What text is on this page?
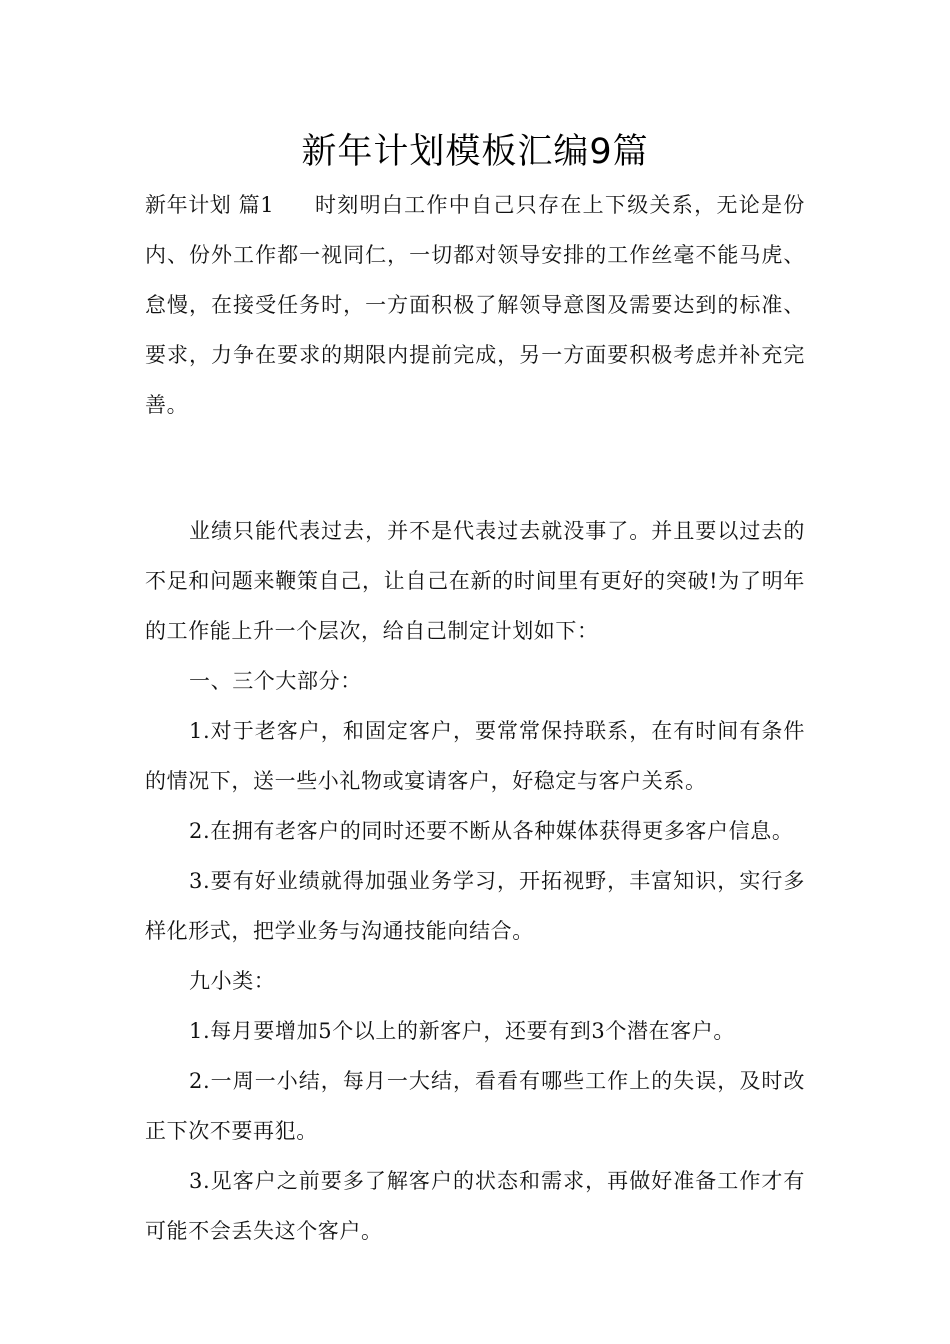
新年计划模板汇编9篇

新年计划 篇1 时刻明白工作中自己只存在上下级关系，无论是份内、份外工作都一视同仁，一切都对领导安排的工作丝毫不能马虎、怠慢，在接受任务时，一方面积极了解领导意图及需要达到的标准、要求，力争在要求的期限内提前完成，另一方面要积极考虑并补充完善。

业绩只能代表过去，并不是代表过去就没事了。并且要以过去的不足和问题来鞭策自己，让自己在新的时间里有更好的突破!为了明年的工作能上升一个层次，给自己制定计划如下：

一、三个大部分：

1.对于老客户，和固定客户，要常常保持联系，在有时间有条件的情况下，送一些小礼物或宴请客户，好稳定与客户关系。

2.在拥有老客户的同时还要不断从各种媒体获得更多客户信息。

3.要有好业绩就得加强业务学习，开拓视野，丰富知识，实行多样化形式，把学业务与沟通技能向结合。

九小类：

1.每月要增加5个以上的新客户，还要有到3个潜在客户。

2.一周一小结，每月一大结，看看有哪些工作上的失误，及时改正下次不要再犯。

3.见客户之前要多了解客户的状态和需求，再做好准备工作才有可能不会丢失这个客户。
